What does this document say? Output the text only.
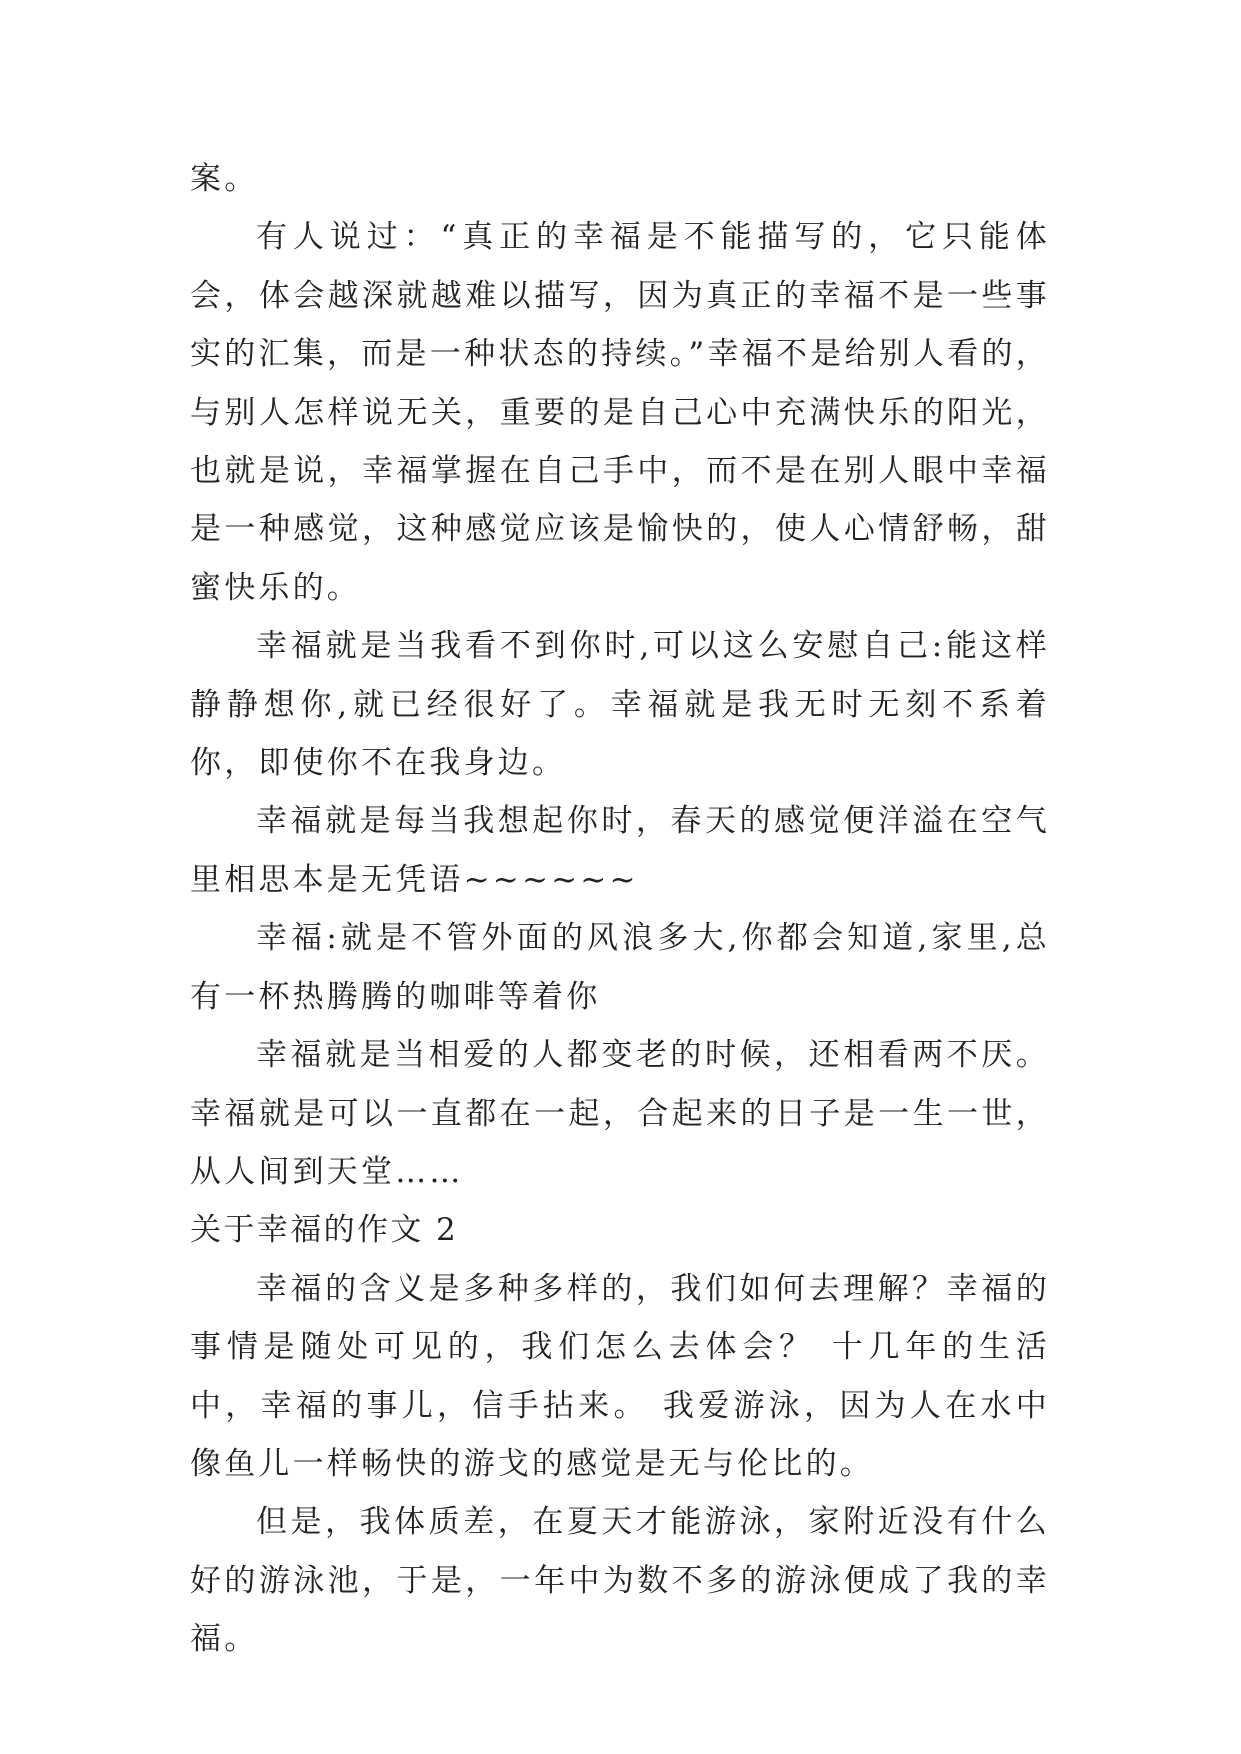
案。

有人说过：“真正的幸福是不能描写的，它只能体会，体会越深就越难以描写，因为真正的幸福不是一些事实的汇集，而是一种状态的持续。”幸福不是给别人看的，与别人怎样说无关，重要的是自己心中充满快乐的阳光，也就是说，幸福掌握在自己手中，而不是在别人眼中幸福是一种感觉，这种感觉应该是愉快的，使人心情舒畅，甜蜜快乐的。

幸福就是当我看不到你时,可以这么安慰自己:能这样静静想你,就已经很好了。幸福就是我无时无刻不系着你，即使你不在我身边。

幸福就是每当我想起你时，春天的感觉便洋溢在空气里相思本是无凭语~~~~~~

幸福:就是不管外面的风浪多大,你都会知道,家里,总有一杯热腾腾的咖啡等着你

幸福就是当相爱的人都变老的时候，还相看两不厌。幸福就是可以一直都在一起，合起来的日子是一生一世，从人间到天堂……

关于幸福的作文 2

幸福的含义是多种多样的，我们如何去理解？幸福的事情是随处可见的，我们怎么去体会？ 十几年的生活中，幸福的事儿，信手拈来。 我爱游泳，因为人在水中像鱼儿一样畅快的游戈的感觉是无与伦比的。

但是，我体质差，在夏天才能游泳，家附近没有什么好的游泳池，于是，一年中为数不多的游泳便成了我的幸福。
